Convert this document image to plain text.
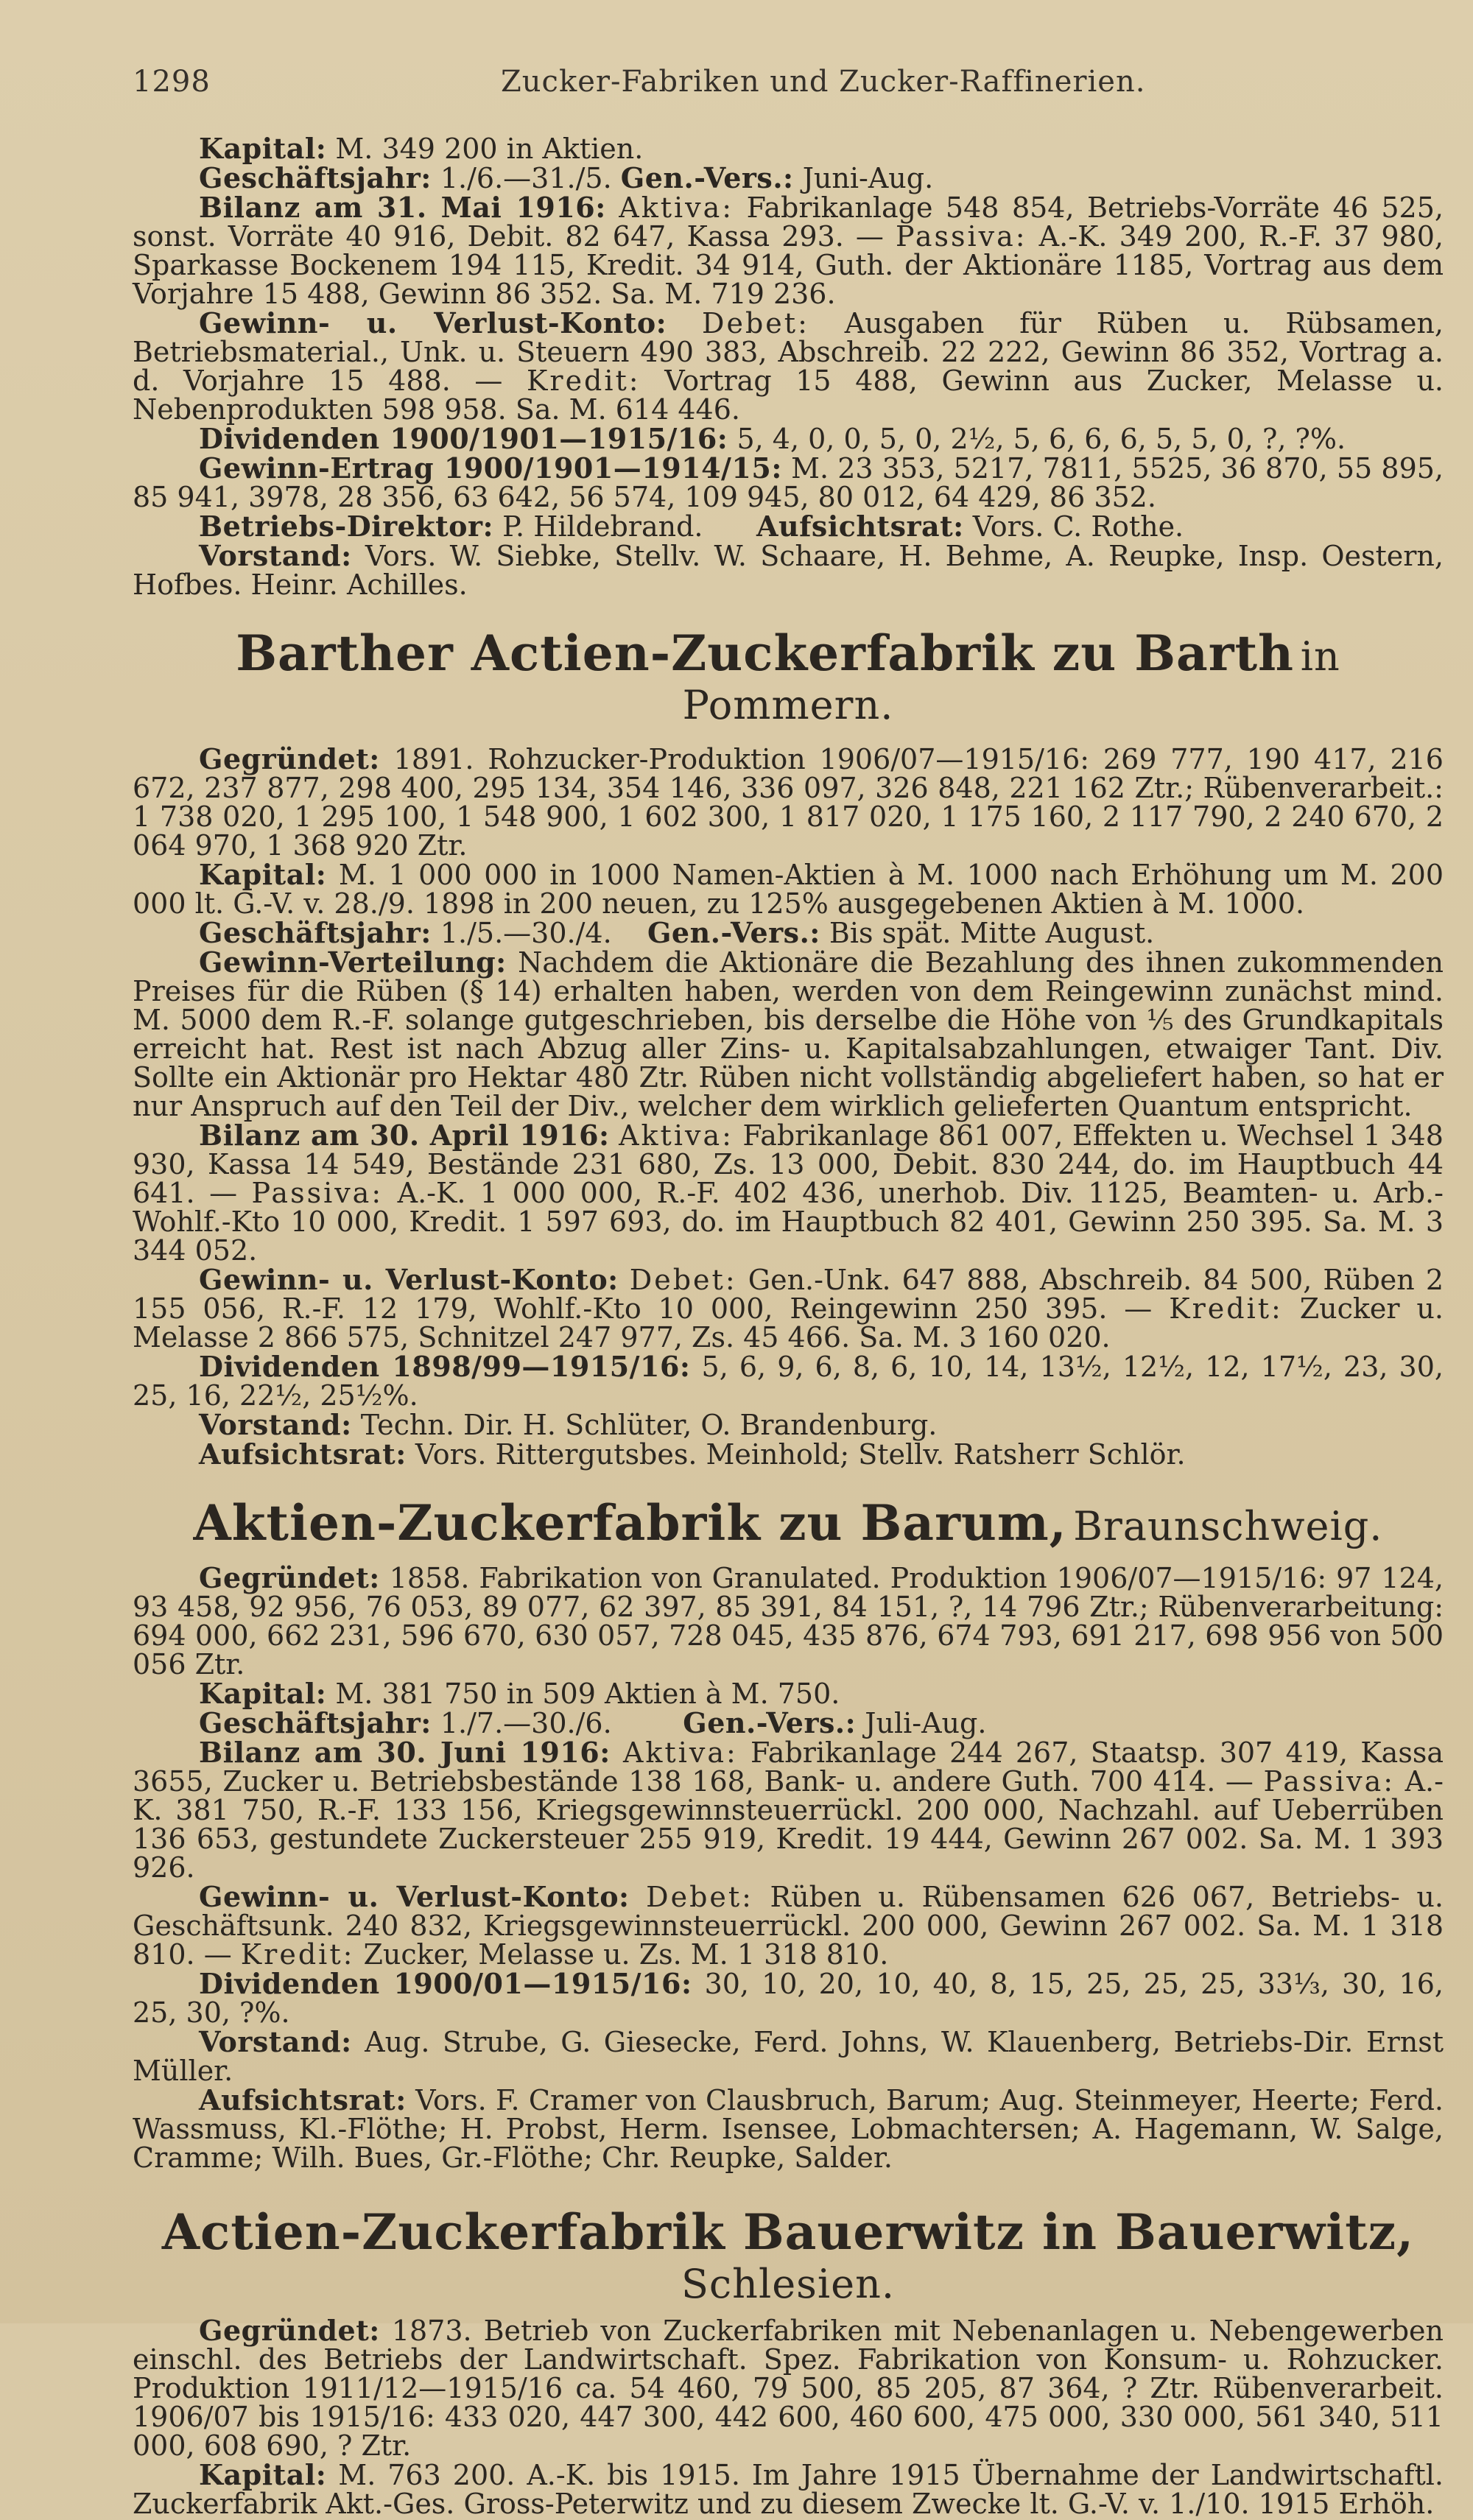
1298	Zucker-Fabriken und Zucker-Raffinerien.

Kapital: M. 349 200 in Aktien.

Geschäftsjahr: 1./6.—31./5. Gen.-Vers.: Juni-Aug.

Bilanz am 31. Mai 1916: Aktiva: Fabrikanlage 548 854, Betriebs-Vorräte 46 525, sonst. Vorräte 40 916, Debit. 82 647, Kassa 293. — Passiva: A.-K. 349 200, R.-F. 37 980, Sparkasse Bockenem 194 115, Kredit. 34 914, Guth. der Aktionäre 1185, Vortrag aus dem Vorjahre 15 488, Gewinn 86 352. Sa. M. 719 236.

Gewinn- u. Verlust-Konto: Debet: Ausgaben für Rüben u. Rübsamen, Betriebsmaterial., Unk. u. Steuern 490 383, Abschreib. 22 222, Gewinn 86 352, Vortrag a. d. Vorjahre 15 488. — Kredit: Vortrag 15 488, Gewinn aus Zucker, Melasse u. Nebenprodukten 598 958. Sa. M. 614 446.

Dividenden 1900/1901—1915/16: 5, 4, 0, 0, 5, 0, 2½, 5, 6, 6, 6, 5, 5, 0, ?, ?%.

Gewinn-Ertrag 1900/1901—1914/15: M. 23 353, 5217, 7811, 5525, 36 870, 55 895, 85 941, 3978, 28 356, 63 642, 56 574, 109 945, 80 012, 64 429, 86 352.

Betriebs-Direktor: P. Hildebrand. Aufsichtsrat: Vors. C. Rothe.

Vorstand: Vors. W. Siebke, Stellv. W. Schaare, H. Behme, A. Reupke, Insp. Oestern, Hofbes. Heinr. Achilles.

Barther Actien-Zuckerfabrik zu Barth in Pommern.

Gegründet: 1891. Rohzucker-Produktion 1906/07—1915/16: 269 777, 190 417, 216 672, 237 877, 298 400, 295 134, 354 146, 336 097, 326 848, 221 162 Ztr.; Rübenverarbeit.: 1 738 020, 1 295 100, 1 548 900, 1 602 300, 1 817 020, 1 175 160, 2 117 790, 2 240 670, 2 064 970, 1 368 920 Ztr.

Kapital: M. 1 000 000 in 1000 Namen-Aktien à M. 1000 nach Erhöhung um M. 200 000 lt. G.-V. v. 28./9. 1898 in 200 neuen, zu 125% ausgegebenen Aktien à M. 1000.

Geschäftsjahr: 1./5.—30./4. Gen.-Vers.: Bis spät. Mitte August.

Gewinn-Verteilung: Nachdem die Aktionäre die Bezahlung des ihnen zukommenden Preises für die Rüben (§ 14) erhalten haben, werden von dem Reingewinn zunächst mind. M. 5000 dem R.-F. solange gutgeschrieben, bis derselbe die Höhe von ⅕ des Grundkapitals erreicht hat. Rest ist nach Abzug aller Zins- u. Kapitalsabzahlungen, etwaiger Tant. Div. Sollte ein Aktionär pro Hektar 480 Ztr. Rüben nicht vollständig abgeliefert haben, so hat er nur Anspruch auf den Teil der Div., welcher dem wirklich gelieferten Quantum entspricht.

Bilanz am 30. April 1916: Aktiva: Fabrikanlage 861 007, Effekten u. Wechsel 1 348 930, Kassa 14 549, Bestände 231 680, Zs. 13 000, Debit. 830 244, do. im Hauptbuch 44 641. — Passiva: A.-K. 1 000 000, R.-F. 402 436, unerhob. Div. 1125, Beamten- u. Arb.-Wohlf.-Kto 10 000, Kredit. 1 597 693, do. im Hauptbuch 82 401, Gewinn 250 395. Sa. M. 3 344 052.

Gewinn- u. Verlust-Konto: Debet: Gen.-Unk. 647 888, Abschreib. 84 500, Rüben 2 155 056, R.-F. 12 179, Wohlf.-Kto 10 000, Reingewinn 250 395. — Kredit: Zucker u. Melasse 2 866 575, Schnitzel 247 977, Zs. 45 466. Sa. M. 3 160 020.

Dividenden 1898/99—1915/16: 5, 6, 9, 6, 8, 6, 10, 14, 13½, 12½, 12, 17½, 23, 30, 25, 16, 22½, 25½%.

Vorstand: Techn. Dir. H. Schlüter, O. Brandenburg.

Aufsichtsrat: Vors. Rittergutsbes. Meinhold; Stellv. Ratsherr Schlör.

Aktien-Zuckerfabrik zu Barum, Braunschweig.

Gegründet: 1858. Fabrikation von Granulated. Produktion 1906/07—1915/16: 97 124, 93 458, 92 956, 76 053, 89 077, 62 397, 85 391, 84 151, ?, 14 796 Ztr.; Rübenverarbeitung: 694 000, 662 231, 596 670, 630 057, 728 045, 435 876, 674 793, 691 217, 698 956 von 500 056 Ztr.

Kapital: M. 381 750 in 509 Aktien à M. 750.

Geschäftsjahr: 1./7.—30./6.	Gen.-Vers.: Juli-Aug.

Bilanz am 30. Juni 1916: Aktiva: Fabrikanlage 244 267, Staatsp. 307 419, Kassa 3655, Zucker u. Betriebsbestände 138 168, Bank- u. andere Guth. 700 414. — Passiva: A.-K. 381 750, R.-F. 133 156, Kriegsgewinnsteuerrückl. 200 000, Nachzahl. auf Ueberrüben 136 653, gestundete Zuckersteuer 255 919, Kredit. 19 444, Gewinn 267 002. Sa. M. 1 393 926.

Gewinn- u. Verlust-Konto: Debet: Rüben u. Rübensamen 626 067, Betriebs- u. Geschäftsunk. 240 832, Kriegsgewinnsteuerrückl. 200 000, Gewinn 267 002. Sa. M. 1 318 810. — Kredit: Zucker, Melasse u. Zs. M. 1 318 810.

Dividenden 1900/01—1915/16: 30, 10, 20, 10, 40, 8, 15, 25, 25, 25, 33⅓, 30, 16, 25, 30, ?%.

Vorstand: Aug. Strube, G. Giesecke, Ferd. Johns, W. Klauenberg, Betriebs-Dir. Ernst Müller.

Aufsichtsrat: Vors. F. Cramer von Clausbruch, Barum; Aug. Steinmeyer, Heerte; Ferd. Wassmuss, Kl.-Flöthe; H. Probst, Herm. Isensee, Lobmachtersen; A. Hagemann, W. Salge, Cramme; Wilh. Bues, Gr.-Flöthe; Chr. Reupke, Salder.

Actien-Zuckerfabrik Bauerwitz in Bauerwitz, Schlesien.

Gegründet: 1873. Betrieb von Zuckerfabriken mit Nebenanlagen u. Nebengewerben einschl. des Betriebs der Landwirtschaft. Spez. Fabrikation von Konsum- u. Rohzucker. Produktion 1911/12—1915/16 ca. 54 460, 79 500, 85 205, 87 364, ? Ztr. Rübenverarbeit. 1906/07 bis 1915/16: 433 020, 447 300, 442 600, 460 600, 475 000, 330 000, 561 340, 511 000, 608 690, ? Ztr.

Kapital: M. 763 200. A.-K. bis 1915. Im Jahre 1915 Übernahme der Landwirtschaftl. Zuckerfabrik Akt.-Ges. Gross-Peterwitz und zu diesem Zwecke lt. G.-V. v. 1./10. 1915 Erhöh.
